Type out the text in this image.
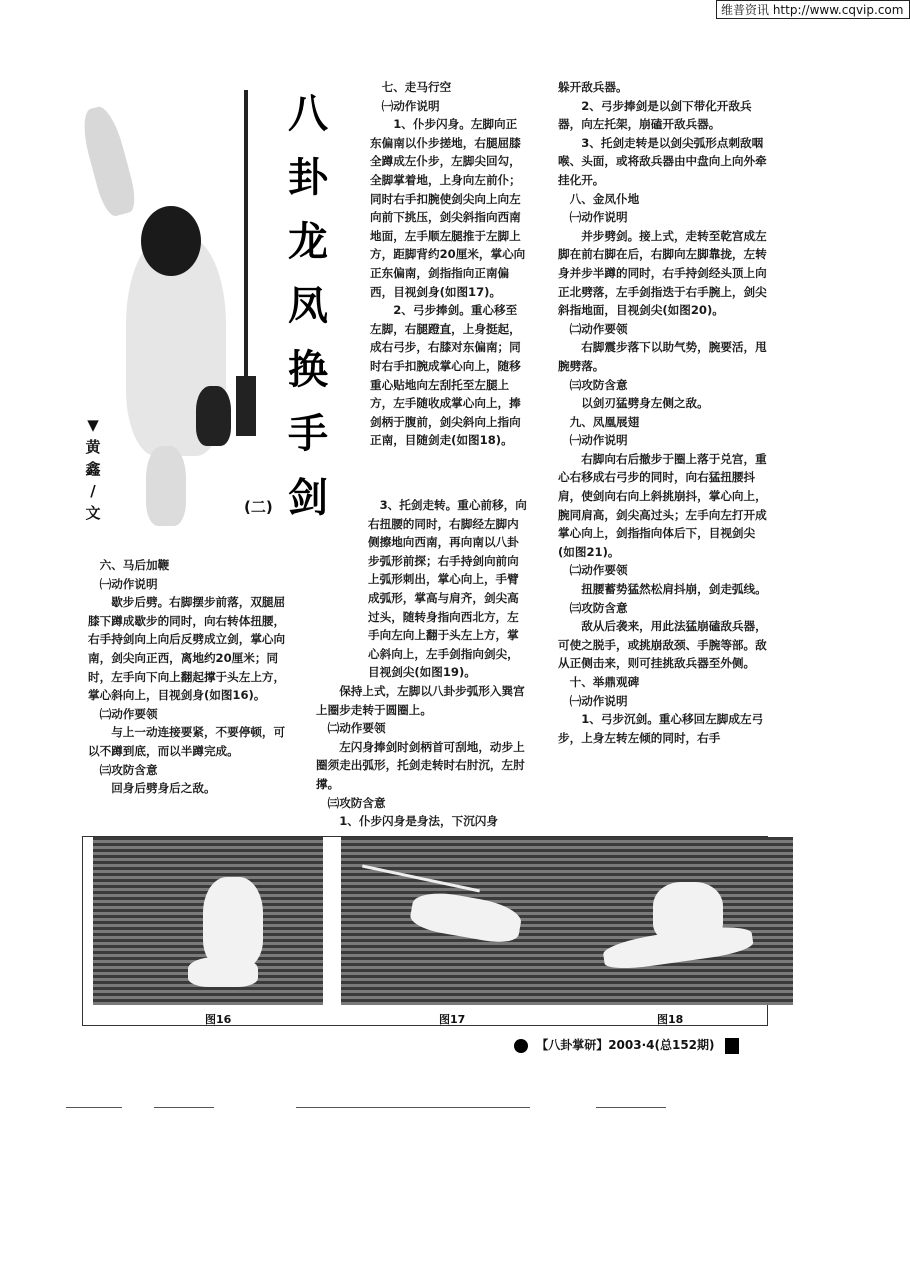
维普资讯 http://www.cqvip.com
八
卦
龙
凤
换
手
剑
(二)
▼
黄
鑫
/
文

六、马后加鞭

㈠动作说明

歇步后劈。右脚摆步前落，双腿屈膝下蹲成歇步的同时，向右转体扭腰，右手持剑向上向后反劈成立剑，掌心向南，剑尖向正西，离地约20厘米；同时，左手向下向上翻起撑于头左上方，掌心斜向上，目视剑身(如图16)。

㈡动作要领

与上一动连接要紧，不要停顿，可以不蹲到底，而以半蹲完成。

㈢攻防含意

回身后劈身后之敌。

七、走马行空

㈠动作说明

1、仆步闪身。左脚向正东偏南以仆步搓地，右腿屈膝全蹲成左仆步，左脚尖回勾，全脚掌着地，上身向左前仆；同时右手扣腕使剑尖向上向左向前下挑压，剑尖斜指向西南地面，左手顺左腿推于左脚上方，距脚背约20厘米，掌心向正东偏南，剑指指向正南偏西，目视剑身(如图17)。

2、弓步捧剑。重心移至左脚，右腿蹬直，上身挺起，成右弓步，右膝对东偏南；同时右手扣腕成掌心向上，随移重心贴地向左刮托至左腿上方，左手随收成掌心向上，捧剑柄于腹前，剑尖斜向上指向正南，目随剑走(如图18)。

3、托剑走转。重心前移，向右扭腰的同时，右脚经左脚内侧擦地向西南，再向南以八卦步弧形前探；右手持剑向前向上弧形刺出，掌心向上，手臂成弧形，掌高与肩齐，剑尖高过头，随转身指向西北方，左手向左向上翻于头左上方，掌心斜向上，左手剑指向剑尖，目视剑尖(如图19)。

保持上式，左脚以八卦步弧形入巽宫上圈步走转于圆圈上。

㈡动作要领

左闪身捧剑时剑柄首可刮地，动步上圈须走出弧形，托剑走转时右肘沉，左肘撑。

㈢攻防含意

1、仆步闪身是身法，下沉闪身

躲开敌兵器。

2、弓步捧剑是以剑下带化开敌兵器，向左托架，崩磕开敌兵器。

3、托剑走转是以剑尖弧形点刺敌咽喉、头面，或将敌兵器由中盘向上向外牵挂化开。

八、金凤仆地

㈠动作说明

并步劈剑。接上式，走转至乾宫成左脚在前右脚在后，右脚向左脚靠拢，左转身并步半蹲的同时，右手持剑经头顶上向正北劈落，左手剑指迭于右手腕上，剑尖斜指地面，目视剑尖(如图20)。

㈡动作要领

右脚震步落下以助气势，腕要活，甩腕劈落。

㈢攻防含意

以剑刃猛劈身左侧之敌。

九、凤凰展翅

㈠动作说明

右脚向右后撤步于圈上落于兑宫，重心右移成右弓步的同时，向右猛扭腰抖肩，使剑向右向上斜挑崩抖，掌心向上，腕同肩高，剑尖高过头；左手向左打开成掌心向上，剑指指向体后下，目视剑尖(如图21)。

㈡动作要领

扭腰蓄势猛然松肩抖崩，剑走弧线。

㈢攻防含意

敌从后袭来，用此法猛崩磕敌兵器，可使之脱手，或挑崩敌颈、手腕等部。敌从正侧击来，则可挂挑敌兵器至外侧。

十、举鼎观碑

㈠动作说明

1、弓步沉剑。重心移回左脚成左弓步，上身左转左倾的同时，右手

图16	图17	图18
【八卦掌研】2003·4(总152期)
